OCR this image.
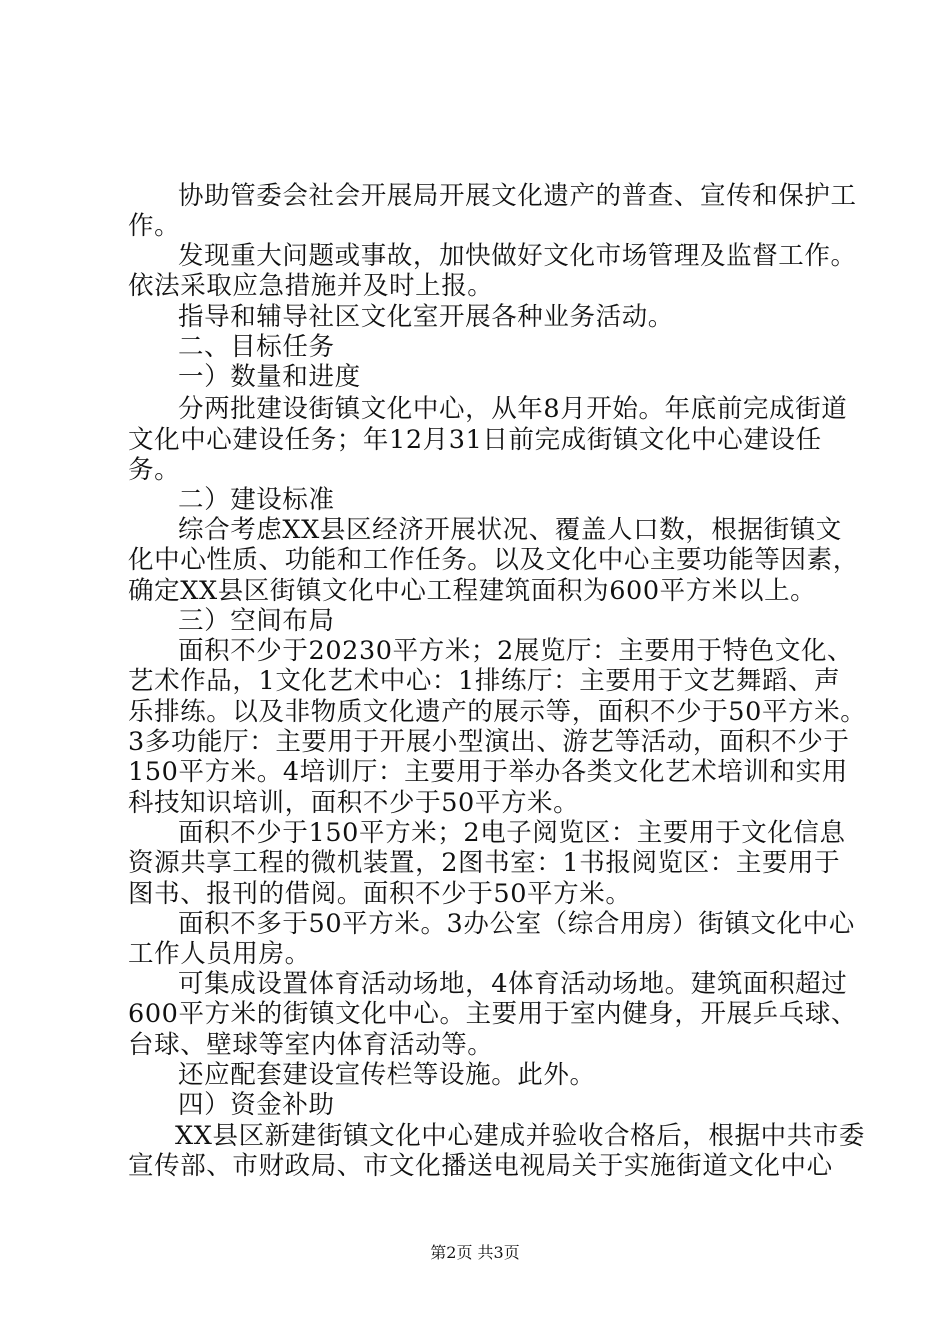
协助管委会社会开展局开展文化遗产的普查、宣传和保护工
作。
发现重大问题或事故，加快做好文化市场管理及监督工作。
依法采取应急措施并及时上报。
指导和辅导社区文化室开展各种业务活动。
二、目标任务
一）数量和进度
分两批建设街镇文化中心，从年8月开始。年底前完成街道
文化中心建设任务；年12月31日前完成街镇文化中心建设任
务。
二）建设标准
综合考虑XX县区经济开展状况、覆盖人口数，根据街镇文
化中心性质、功能和工作任务。以及文化中心主要功能等因素，
确定XX县区街镇文化中心工程建筑面积为600平方米以上。
三）空间布局
面积不少于20230平方米；2展览厅：主要用于特色文化、
艺术作品，1文化艺术中心：1排练厅：主要用于文艺舞蹈、声
乐排练。以及非物质文化遗产的展示等，面积不少于50平方米。
3多功能厅：主要用于开展小型演出、游艺等活动，面积不少于
150平方米。4培训厅：主要用于举办各类文化艺术培训和实用
科技知识培训，面积不少于50平方米。
面积不少于150平方米；2电子阅览区：主要用于文化信息
资源共享工程的微机装置，2图书室：1书报阅览区：主要用于
图书、报刊的借阅。面积不少于50平方米。
面积不多于50平方米。3办公室（综合用房）街镇文化中心
工作人员用房。
可集成设置体育活动场地，4体育活动场地。建筑面积超过
600平方米的街镇文化中心。主要用于室内健身，开展乒乓球、
台球、壁球等室内体育活动等。
还应配套建设宣传栏等设施。此外。
四）资金补助
XX县区新建街镇文化中心建成并验收合格后，根据中共市委
宣传部、市财政局、市文化播送电视局关于实施街道文化中心
第2页 共3页
